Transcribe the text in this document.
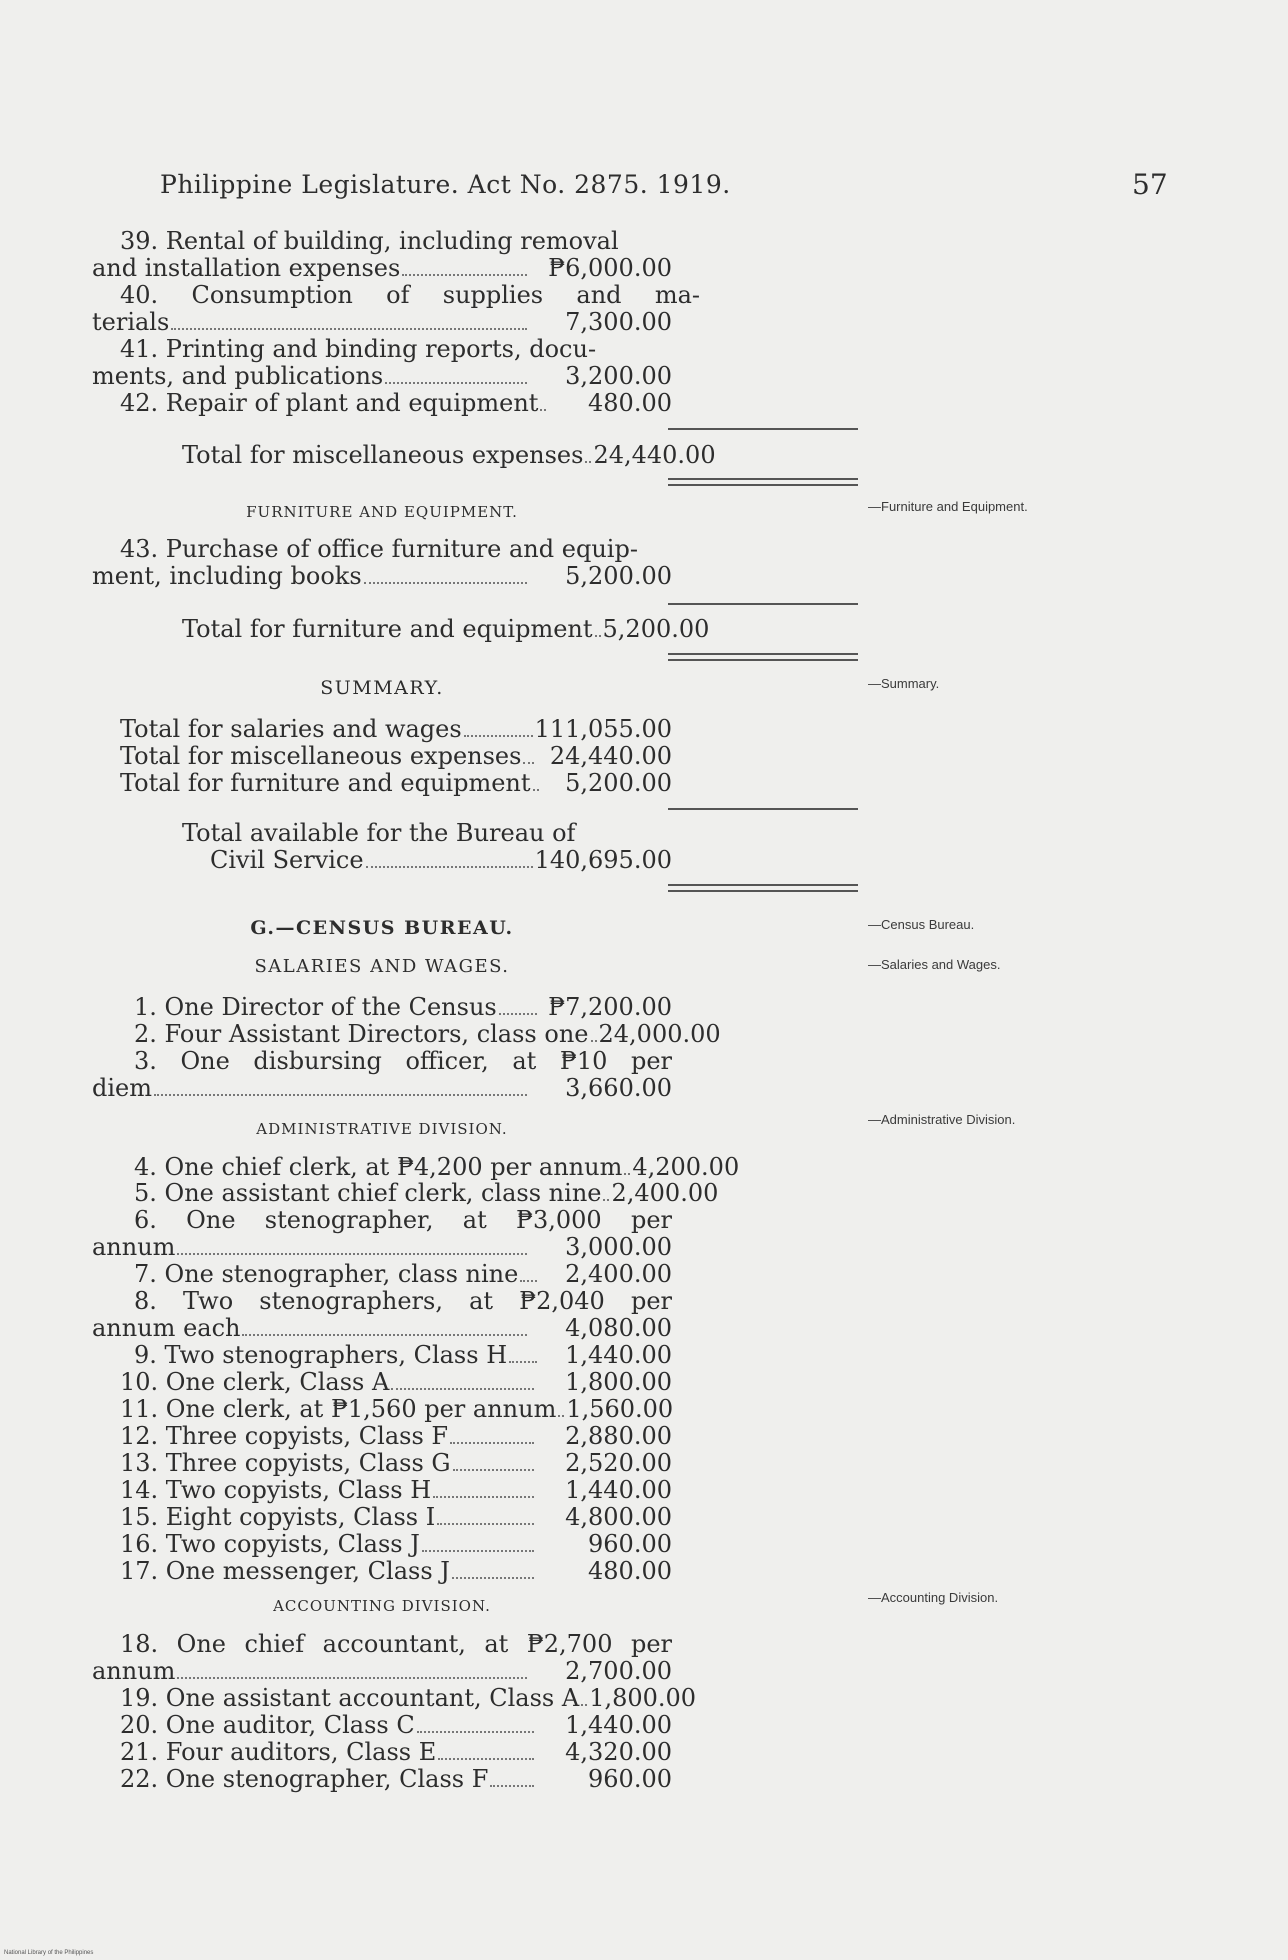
Philippine Legislature. Act No. 2875. 1919.	57
39. Rental of building, including removal
and installation expenses	₱6,000.00
40. Consumption of supplies and ma-
terials	7,300.00
41. Printing and binding reports, docu-
ments, and publications	3,200.00
42. Repair of plant and equipment	480.00
Total for miscellaneous expenses 24,440.00
FURNITURE AND EQUIPMENT.	—Furniture and Equipment.
43. Purchase of office furniture and equip-
ment, including books	5,200.00
Total for furniture and equipment 5,200.00
SUMMARY.	—Summary.
Total for salaries and wages	111,055.00
Total for miscellaneous expenses	24,440.00
Total for furniture and equipment	5,200.00
Total available for the Bureau of
Civil Service	140,695.00
G.—CENSUS BUREAU.	—Census Bureau.
SALARIES AND WAGES.	—Salaries and Wages.
1. One Director of the Census	₱7,200.00
2. Four Assistant Directors, class one 24,000.00
3. One disbursing officer, at ₱10 per
diem	3,660.00
ADMINISTRATIVE DIVISION.
—Administrative Division.
4. One chief clerk, at ₱4,200 per annum 4,200.00
5. One assistant chief clerk, class nine 2,400.00
6. One stenographer, at ₱3,000 per
annum	3,000.00
7. One stenographer, class nine	2,400.00
8. Two stenographers, at ₱2,040 per
annum each	4,080.00
9. Two stenographers, Class H	1,440.00
10. One clerk, Class A	1,800.00
11. One clerk, at ₱1,560 per annum 1,560.00
12. Three copyists, Class F	2,880.00
13. Three copyists, Class G	2,520.00
14. Two copyists, Class H	1,440.00
15. Eight copyists, Class I	4,800.00
16. Two copyists, Class J	960.00
17. One messenger, Class J	480.00
ACCOUNTING DIVISION.	—Accounting Division.
18. One chief accountant, at ₱2,700 per
annum	2,700.00
19. One assistant accountant, Class A 1,800.00
20. One auditor, Class C	1,440.00
21. Four auditors, Class E	4,320.00
22. One stenographer, Class F	960.00
National Library of the Philippines
